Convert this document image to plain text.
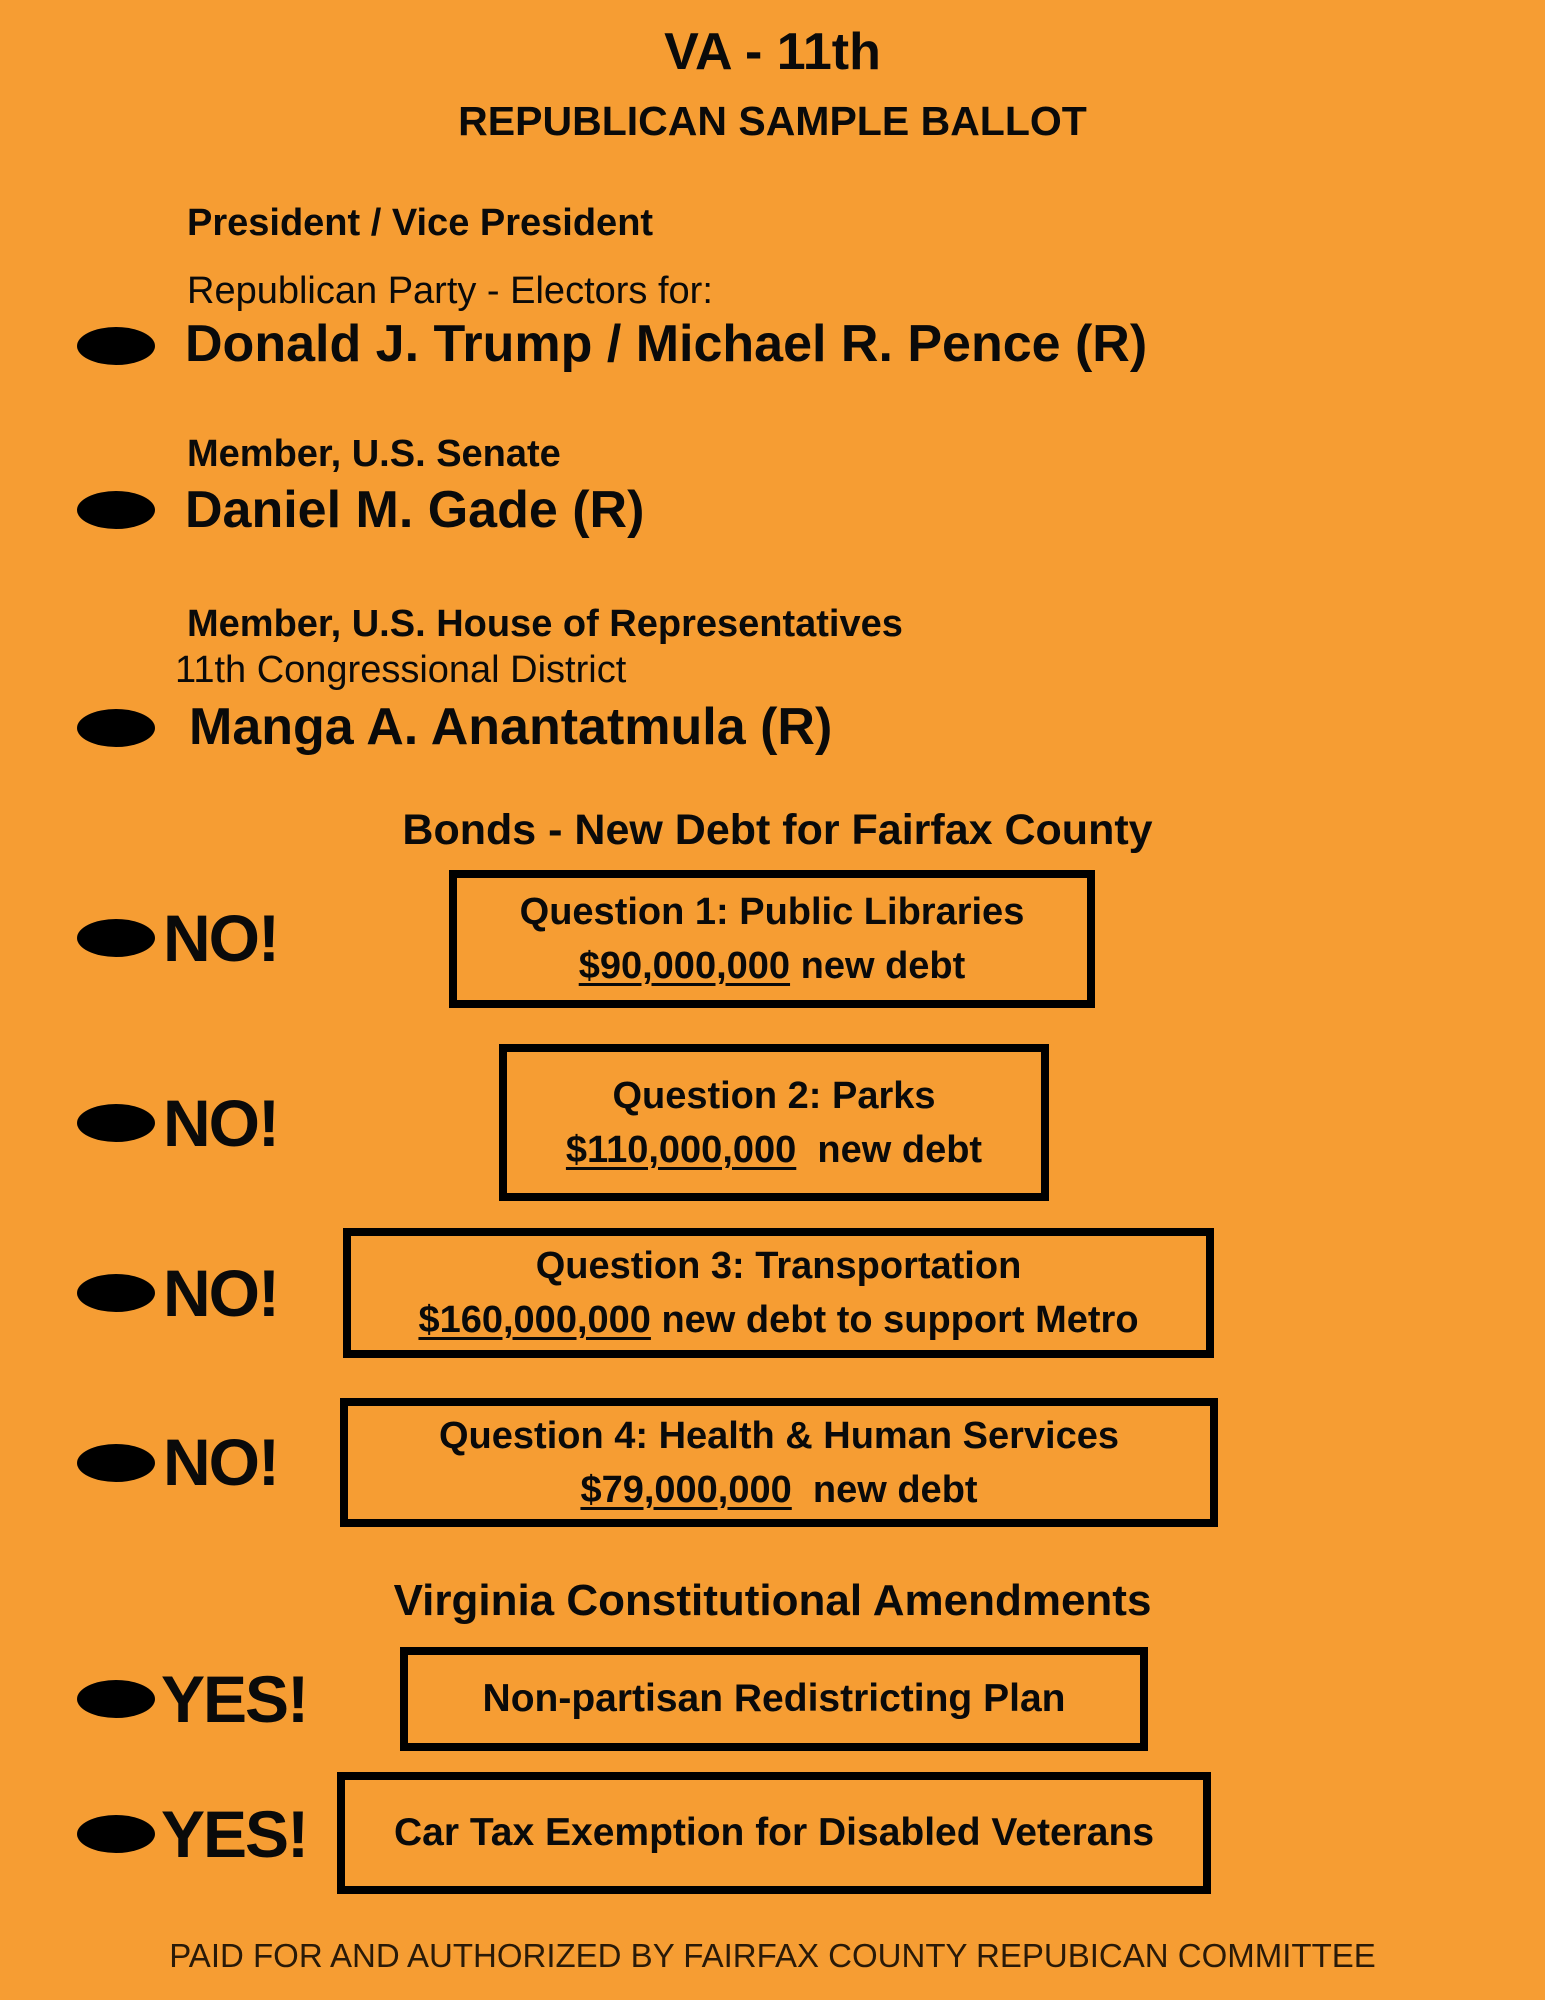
VA - 11th
REPUBLICAN SAMPLE BALLOT
President / Vice President
Republican Party - Electors for:
Donald J. Trump / Michael R. Pence (R)
Member, U.S. Senate
Daniel M. Gade (R)
Member, U.S. House of Representatives
11th Congressional District
Manga A. Anantatmula (R)
Bonds - New Debt for Fairfax County
NO!	Question 1: Public Libraries
$90,000,000 new debt
NO!	Question 2: Parks
$110,000,000  new debt
NO!	Question 3: Transportation
$160,000,000 new debt to support Metro
NO!	Question 4: Health & Human Services
$79,000,000  new debt
Virginia Constitutional Amendments
YES!	Non-partisan Redistricting Plan
YES! Car Tax Exemption for Disabled Veterans
PAID FOR AND AUTHORIZED BY FAIRFAX COUNTY REPUBICAN COMMITTEE
